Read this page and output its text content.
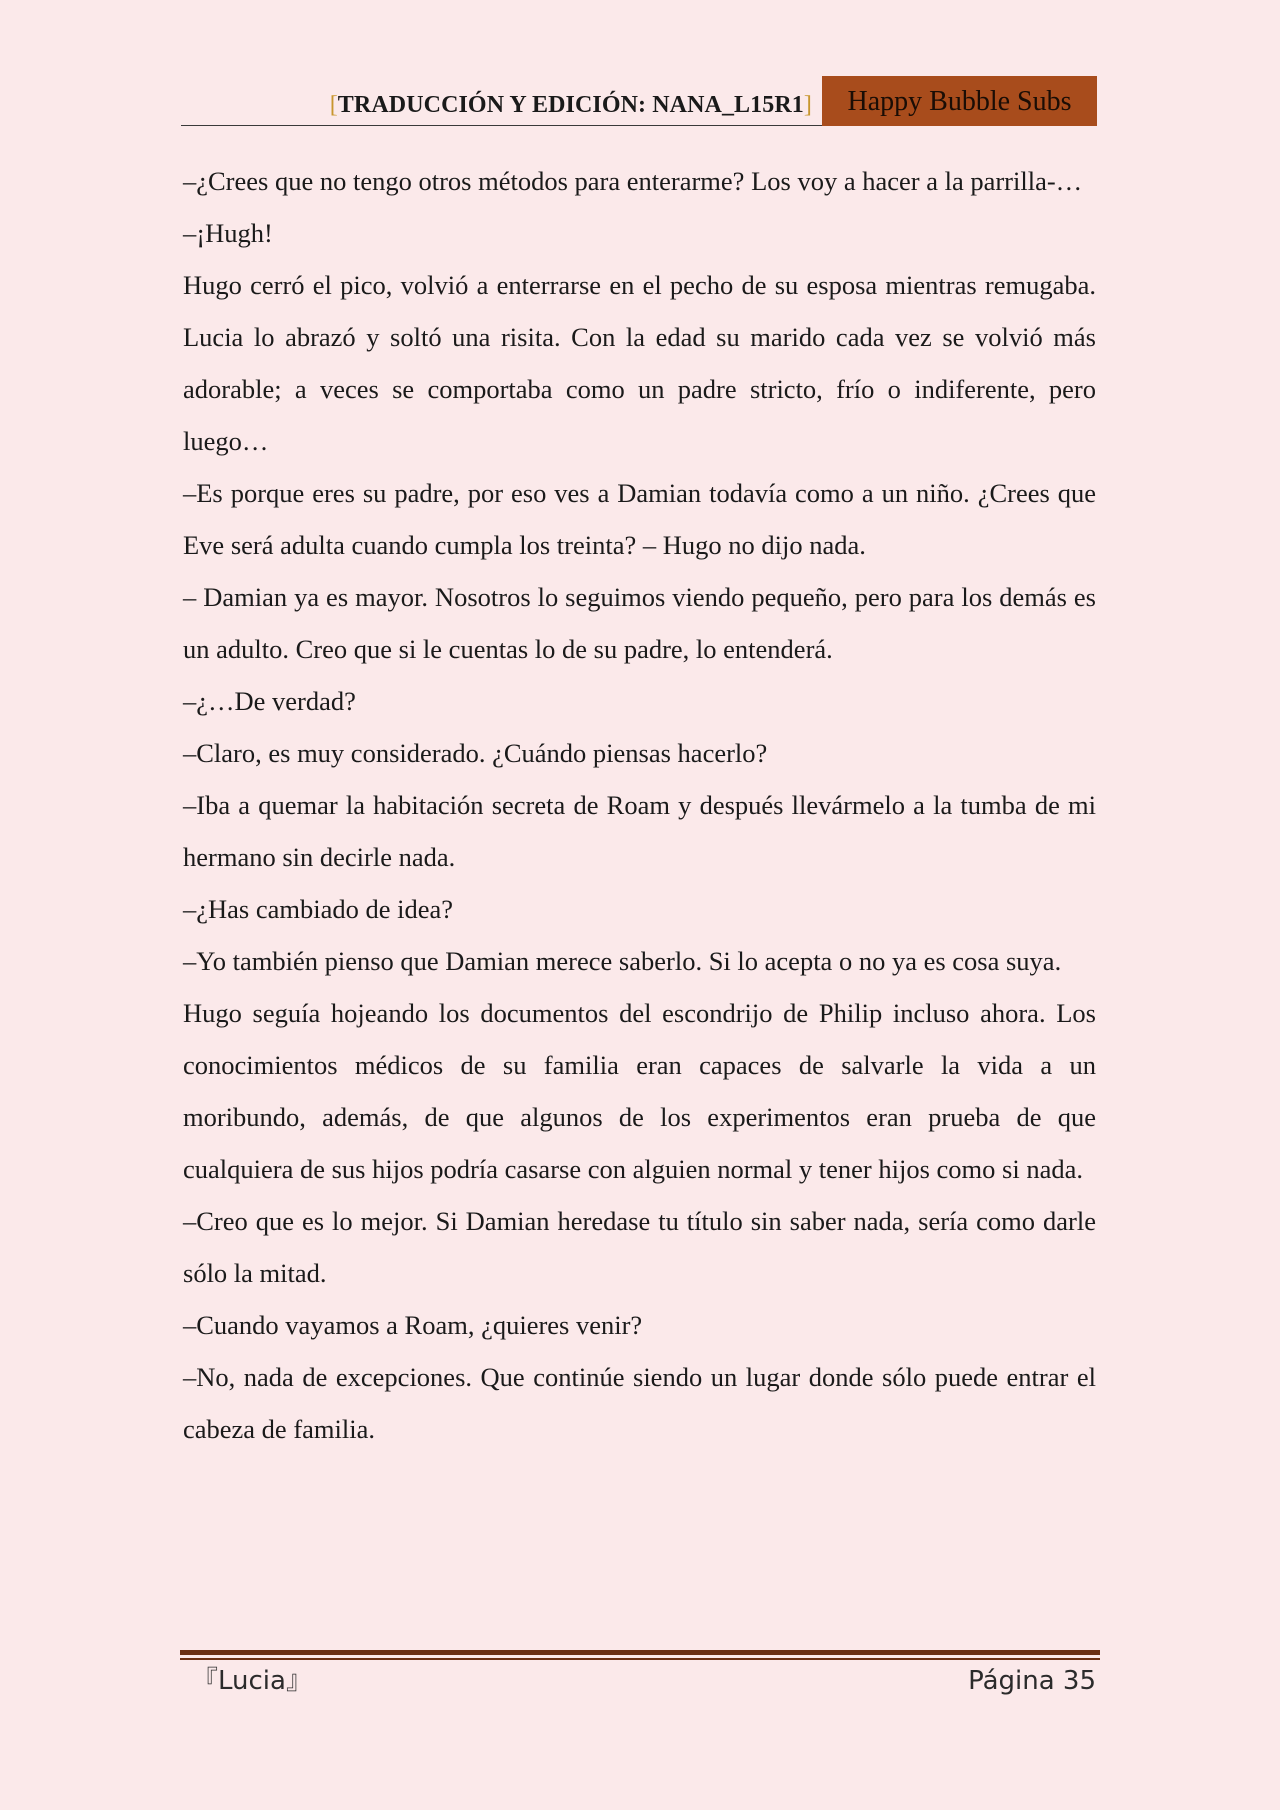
[TRADUCCIÓN Y EDICIÓN: NANA_L15R1]	Happy Bubble Subs

–¿Crees que no tengo otros métodos para enterarme? Los voy a hacer a la parrilla-…

–¡Hugh!

Hugo cerró el pico, volvió a enterrarse en el pecho de su esposa mientras remugaba. Lucia lo abrazó y soltó una risita. Con la edad su marido cada vez se volvió más adorable; a veces se comportaba como un padre stricto, frío o indiferente, pero luego…

–Es porque eres su padre, por eso ves a Damian todavía como a un niño. ¿Crees que Eve será adulta cuando cumpla los treinta? – Hugo no dijo nada.

– Damian ya es mayor. Nosotros lo seguimos viendo pequeño, pero para los demás es un adulto. Creo que si le cuentas lo de su padre, lo entenderá.

–¿…De verdad?

–Claro, es muy considerado. ¿Cuándo piensas hacerlo?

–Iba a quemar la habitación secreta de Roam y después llevármelo a la tumba de mi hermano sin decirle nada.

–¿Has cambiado de idea?

–Yo también pienso que Damian merece saberlo. Si lo acepta o no ya es cosa suya.

Hugo seguía hojeando los documentos del escondrijo de Philip incluso ahora. Los conocimientos médicos de su familia eran capaces de salvarle la vida a un moribundo, además, de que algunos de los experimentos eran prueba de que cualquiera de sus hijos podría casarse con alguien normal y tener hijos como si nada.

–Creo que es lo mejor. Si Damian heredase tu título sin saber nada, sería como darle sólo la mitad.

–Cuando vayamos a Roam, ¿quieres venir?

–No, nada de excepciones. Que continúe siendo un lugar donde sólo puede entrar el cabeza de familia.

『Lucia』	Página 35
